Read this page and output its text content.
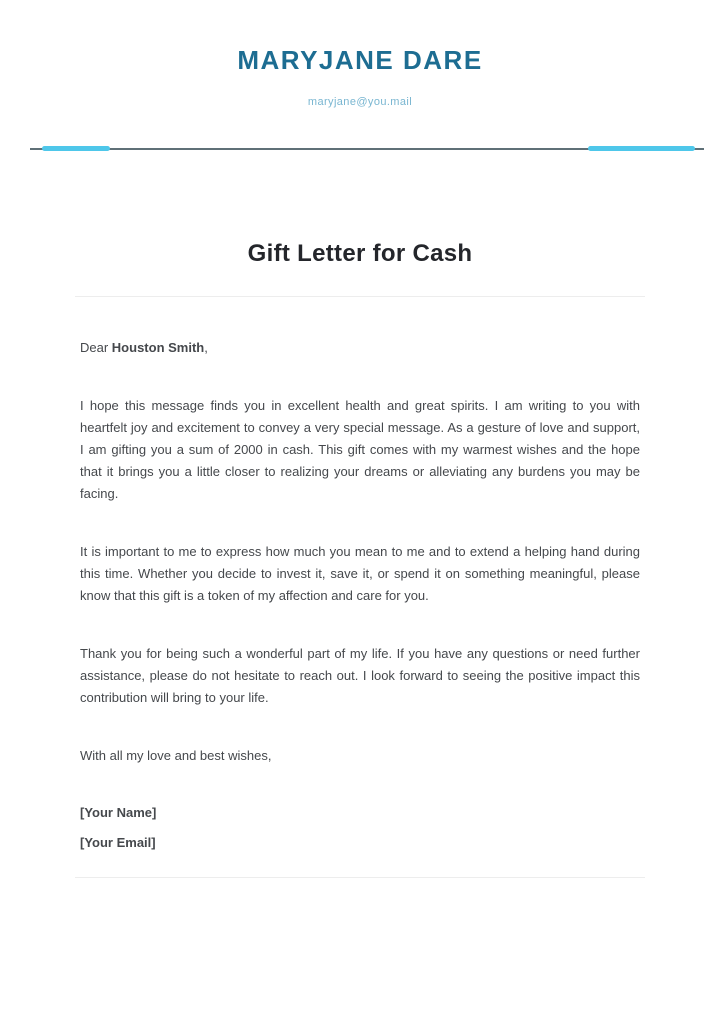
MARYJANE DARE
maryjane@you.mail
Gift Letter for Cash

Dear Houston Smith,

I hope this message finds you in excellent health and great spirits. I am writing to you with heartfelt joy and excitement to convey a very special message. As a gesture of love and support, I am gifting you a sum of 2000 in cash. This gift comes with my warmest wishes and the hope that it brings you a little closer to realizing your dreams or alleviating any burdens you may be facing.

It is important to me to express how much you mean to me and to extend a helping hand during this time. Whether you decide to invest it, save it, or spend it on something meaningful, please know that this gift is a token of my affection and care for you.

Thank you for being such a wonderful part of my life. If you have any questions or need further assistance, please do not hesitate to reach out. I look forward to seeing the positive impact this contribution will bring to your life.

With all my love and best wishes,

[Your Name]

[Your Email]
